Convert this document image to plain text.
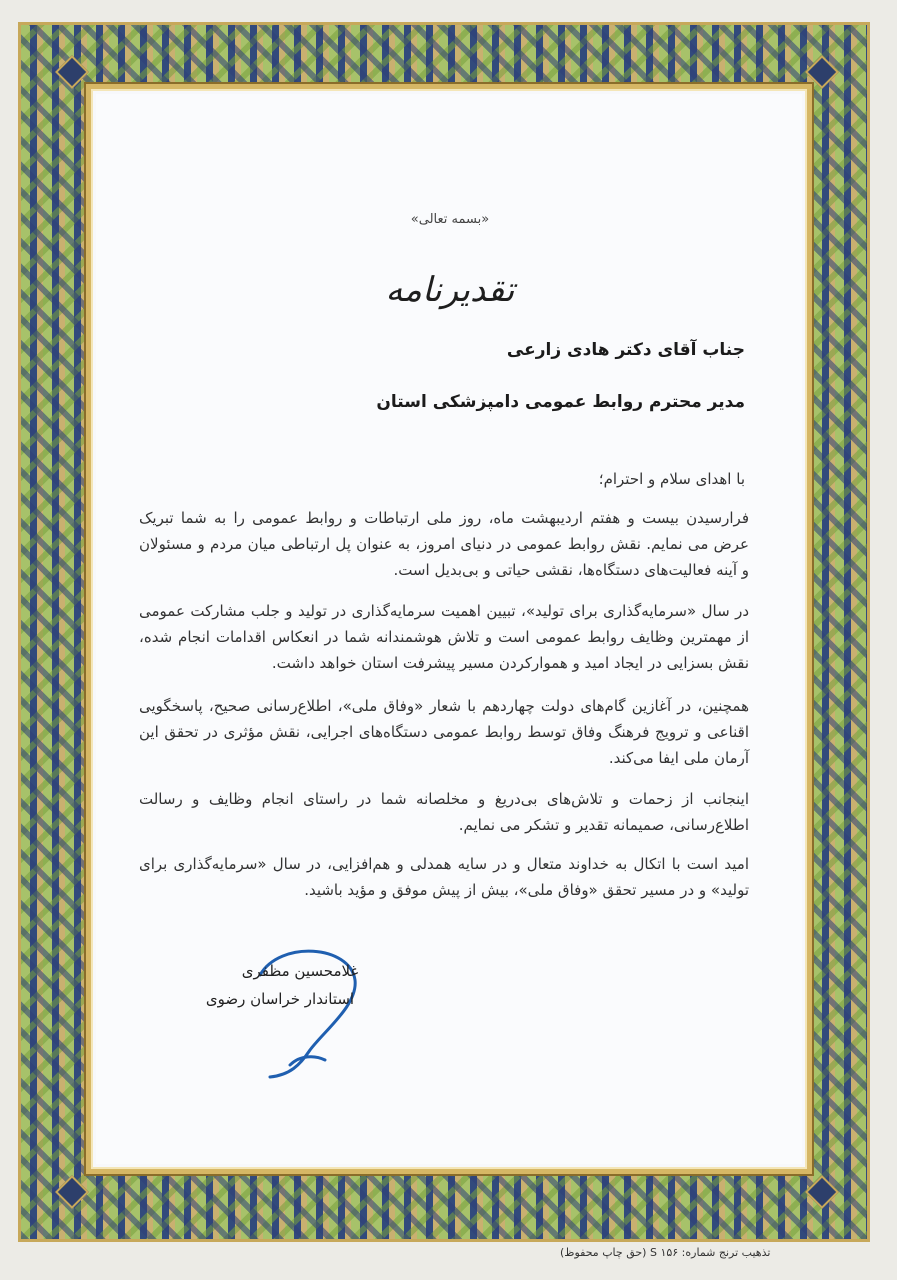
«بسمه تعالی»
تقدیرنامه
جناب آقای دکتر هادی زارعی
مدیر محترم روابط عمومی دامپزشکی استان
با اهدای سلام و احترام؛
فرارسیدن بیست و هفتم اردیبهشت ماه، روز ملی ارتباطات و روابط عمومی را به شما تبریک عرض می نمایم. نقش روابط عمومی در دنیای امروز، به عنوان پل ارتباطی میان مردم و مسئولان و آینه فعالیت‌های دستگاه‌ها، نقشی حیاتی و بی‌بدیل است.
در سال «سرمایه‌گذاری برای تولید»، تبیین اهمیت سرمایه‌گذاری در تولید و جلب مشارکت عمومی از مهمترین وظایف روابط عمومی است و تلاش هوشمندانه شما در انعکاس اقدامات انجام شده، نقش بسزایی در ایجاد امید و هموارکردن مسیر پیشرفت استان خواهد داشت.
همچنین، در آغازین گام‌های دولت چهاردهم با شعار «وفاق ملی»، اطلاع‌رسانی صحیح، پاسخگویی اقناعی و ترویج فرهنگ وفاق توسط روابط عمومی دستگاه‌های اجرایی، نقش مؤثری در تحقق این آرمان ملی ایفا می‌کند.
اینجانب از زحمات و تلاش‌های بی‌دریغ و مخلصانه شما در راستای انجام وظایف و رسالت اطلاع‌رسانی، صمیمانه تقدیر و تشکر می نمایم.
امید است با اتکال به خداوند متعال و در سایه همدلی و هم‌افزایی، در سال «سرمایه‌گذاری برای تولید» و در مسیر تحقق «وفاق ملی»، بیش از پیش موفق و مؤید باشید.
غلامحسین مظفری
استاندار خراسان رضوی
تذهیب ترنج شماره: ۱۵۶ S (حق چاپ محفوظ)
